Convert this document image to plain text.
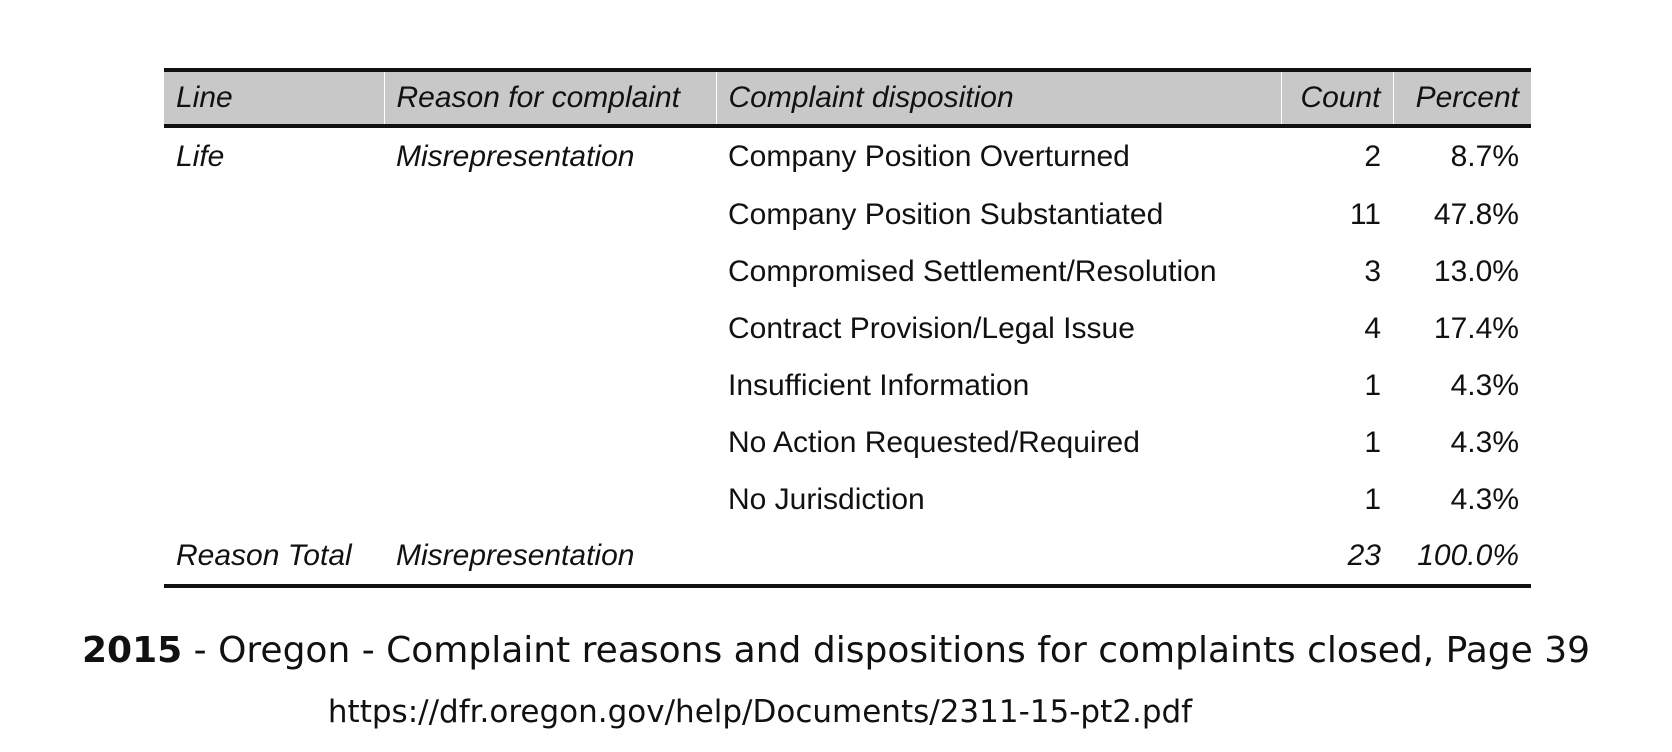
Line	Reason for complaint	Complaint disposition	Count	Percent
Life	Misrepresentation	Company Position Overturned	2	8.7%
		Company Position Substantiated	11	47.8%
		Compromised Settlement/Resolution	3	13.0%
		Contract Provision/Legal Issue	4	17.4%
		Insufficient Information	1	4.3%
		No Action Requested/Required	1	4.3%
		No Jurisdiction	1	4.3%
Reason Total	Misrepresentation		23	100.0%
2015 - Oregon - Complaint reasons and dispositions for complaints closed, Page 39
https://dfr.oregon.gov/help/Documents/2311-15-pt2.pdf
